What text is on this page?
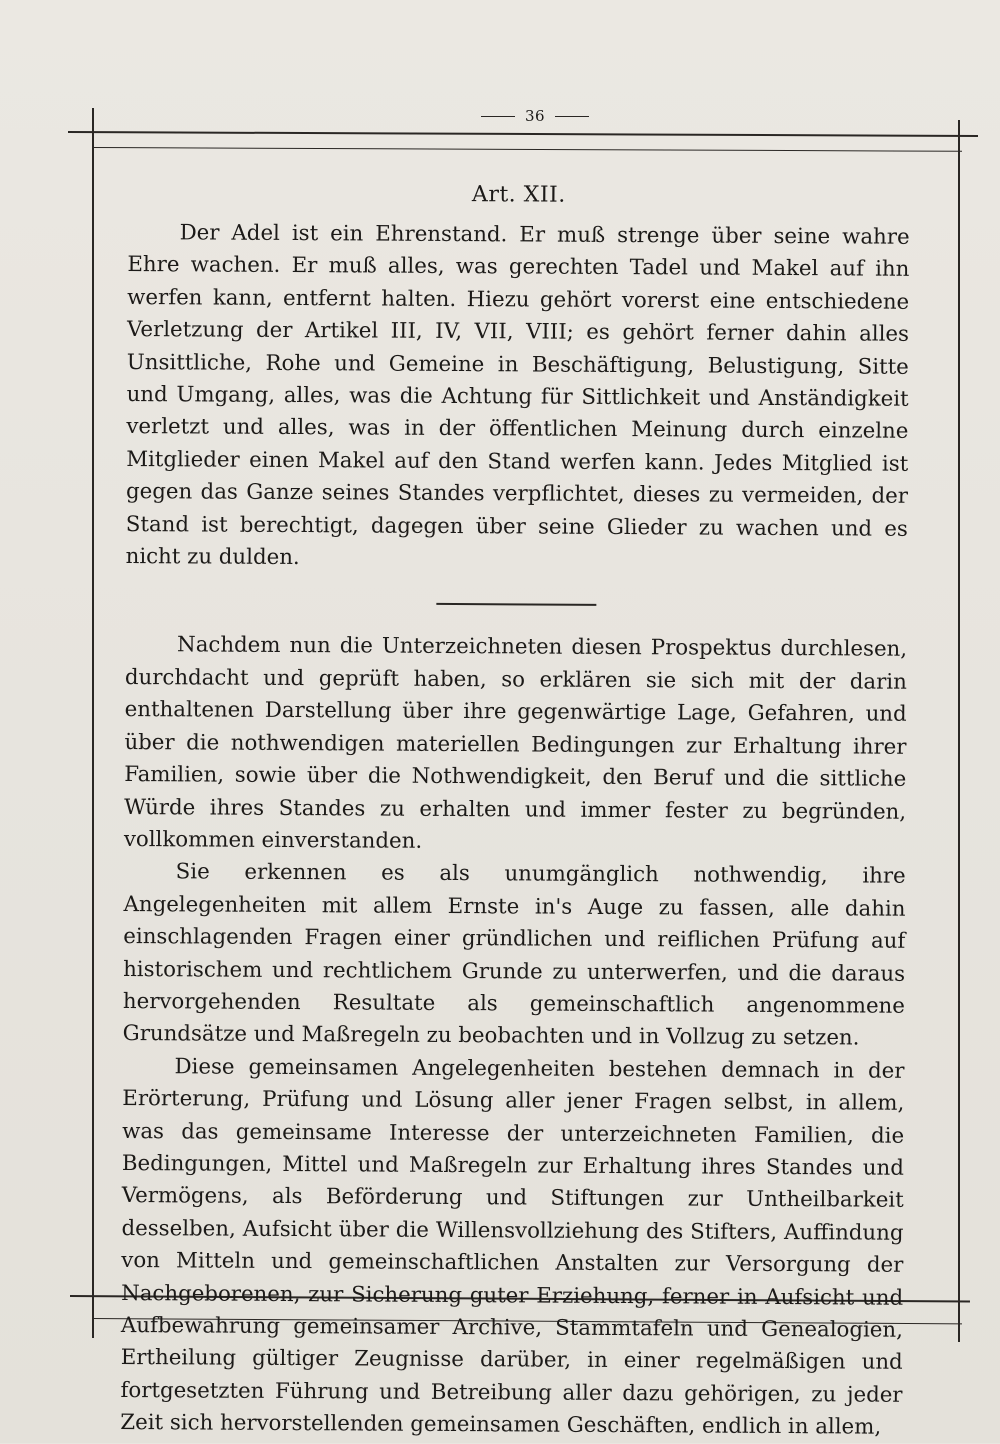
36
Art. XII.

Der Adel ist ein Ehrenstand. Er muß strenge über seine wahre Ehre wachen. Er muß alles, was gerechten Tadel und Makel auf ihn werfen kann, entfernt halten. Hiezu gehört vorerst eine entschiedene Verletzung der Artikel III, IV, VII, VIII; es gehört ferner dahin alles Unsittliche, Rohe und Gemeine in Beschäftigung, Belustigung, Sitte und Umgang, alles, was die Achtung für Sittlichkeit und Anständigkeit verletzt und alles, was in der öffentlichen Meinung durch einzelne Mitglieder einen Makel auf den Stand werfen kann. Jedes Mitglied ist gegen das Ganze seines Standes verpflichtet, dieses zu vermeiden, der Stand ist berechtigt, dagegen über seine Glieder zu wachen und es nicht zu dulden.

Nachdem nun die Unterzeichneten diesen Prospektus durchlesen, durchdacht und geprüft haben, so erklären sie sich mit der darin enthaltenen Darstellung über ihre gegenwärtige Lage, Gefahren, und über die nothwendigen materiellen Bedingungen zur Erhaltung ihrer Familien, sowie über die Nothwendigkeit, den Beruf und die sittliche Würde ihres Standes zu erhalten und immer fester zu begründen, vollkommen einverstanden.

Sie erkennen es als unumgänglich nothwendig, ihre Angelegenheiten mit allem Ernste in's Auge zu fassen, alle dahin einschlagenden Fragen einer gründlichen und reiflichen Prüfung auf historischem und rechtlichem Grunde zu unterwerfen, und die daraus hervorgehenden Resultate als gemeinschaftlich angenommene Grundsätze und Maßregeln zu beobachten und in Vollzug zu setzen.

Diese gemeinsamen Angelegenheiten bestehen demnach in der Erörterung, Prüfung und Lösung aller jener Fragen selbst, in allem, was das gemeinsame Interesse der unterzeichneten Familien, die Bedingungen, Mittel und Maßregeln zur Erhaltung ihres Standes und Vermögens, als Beförderung und Stiftungen zur Untheilbarkeit desselben, Aufsicht über die Willensvollziehung des Stifters, Auffindung von Mitteln und gemeinschaftlichen Anstalten zur Versorgung der Nachgeborenen, zur Sicherung guter Erziehung, ferner in Aufsicht und Aufbewahrung gemeinsamer Archive, Stammtafeln und Genealogien, Ertheilung gültiger Zeugnisse darüber, in einer regelmäßigen und fortgesetzten Führung und Betreibung aller dazu gehörigen, zu jeder Zeit sich hervorstellenden gemeinsamen Geschäften, endlich in allem,
